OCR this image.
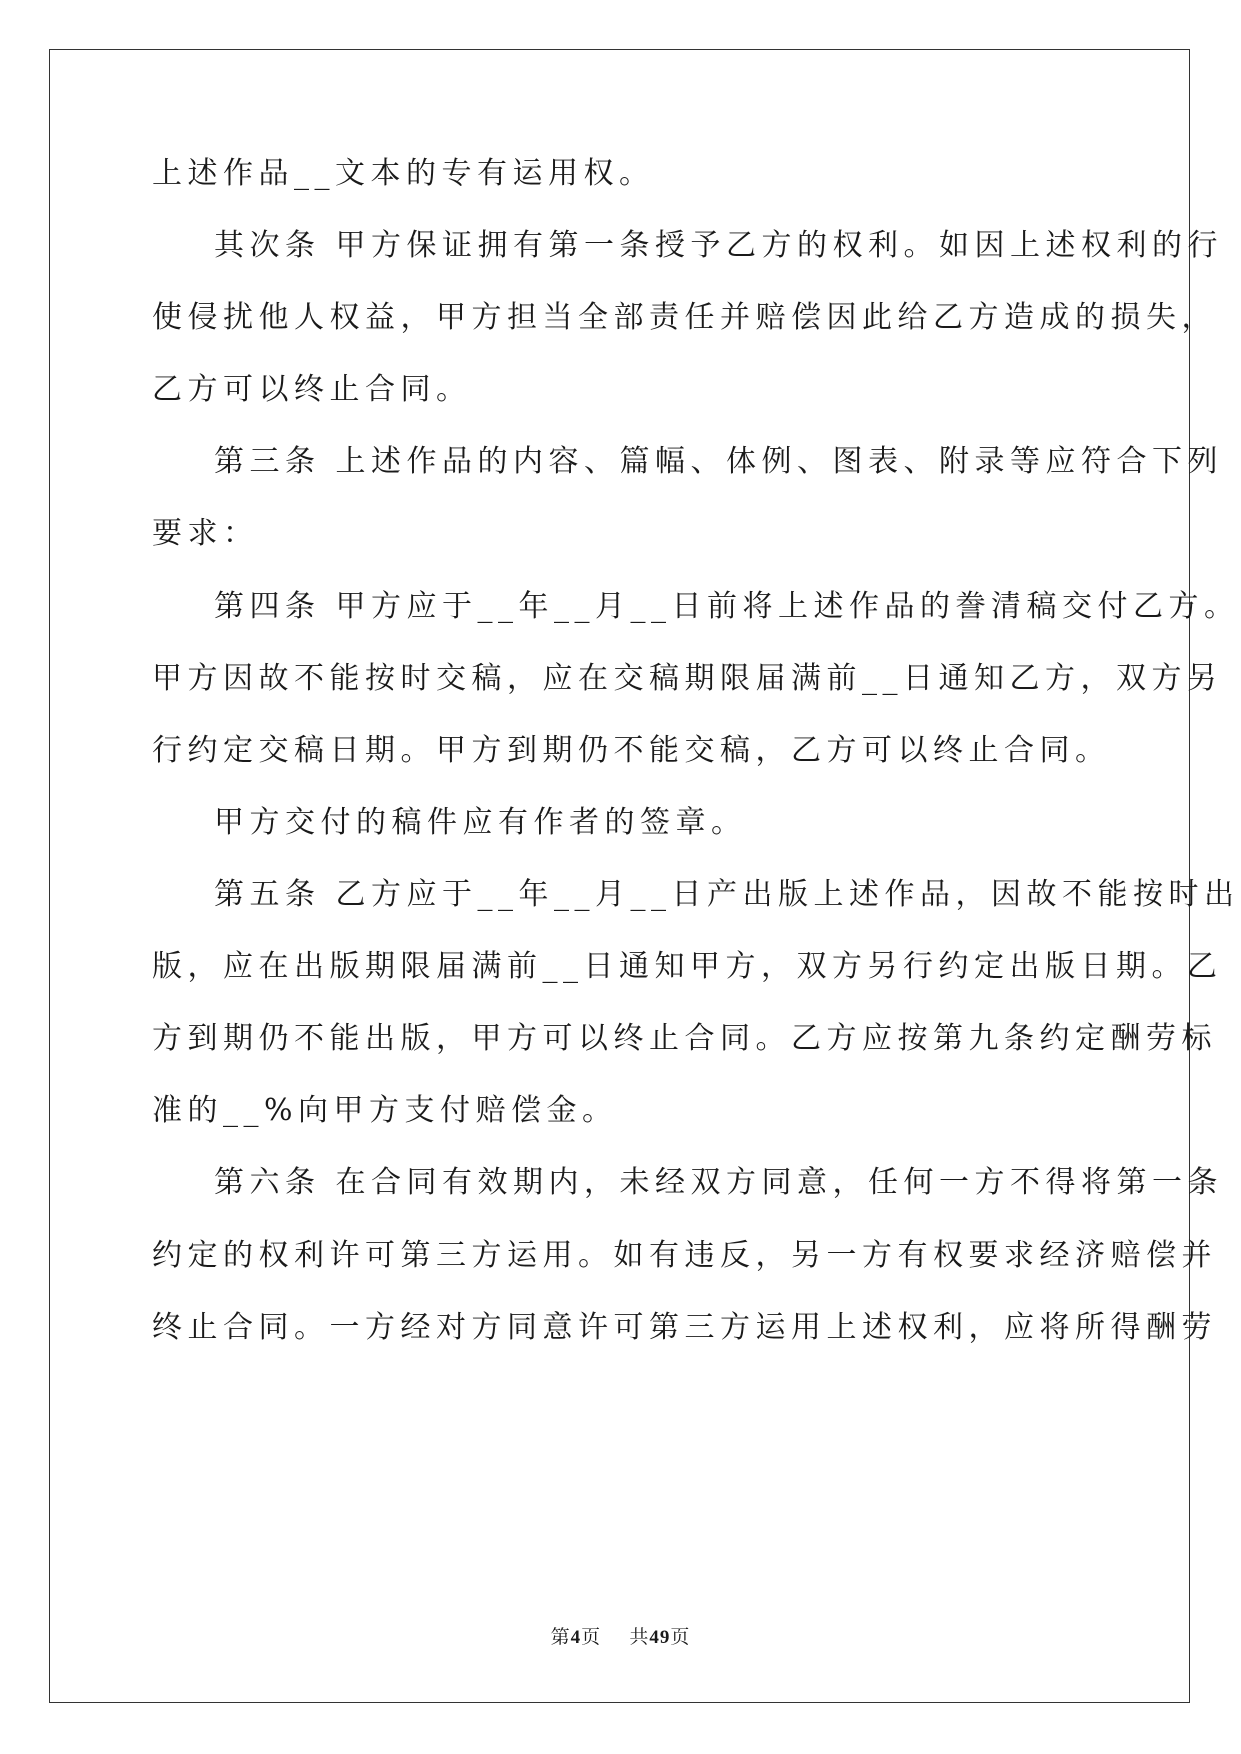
上述作品__文本的专有运用权。
其次条 甲方保证拥有第一条授予乙方的权利。如因上述权利的行
使侵扰他人权益，甲方担当全部责任并赔偿因此给乙方造成的损失，
乙方可以终止合同。
第三条 上述作品的内容、篇幅、体例、图表、附录等应符合下列
要求：
第四条 甲方应于__年__月__日前将上述作品的誊清稿交付乙方。
甲方因故不能按时交稿，应在交稿期限届满前__日通知乙方，双方另
行约定交稿日期。甲方到期仍不能交稿，乙方可以终止合同。
甲方交付的稿件应有作者的签章。
第五条 乙方应于__年__月__日产出版上述作品，因故不能按时出
版，应在出版期限届满前__日通知甲方，双方另行约定出版日期。乙
方到期仍不能出版，甲方可以终止合同。乙方应按第九条约定酬劳标
准的__%向甲方支付赔偿金。
第六条 在合同有效期内，未经双方同意，任何一方不得将第一条
约定的权利许可第三方运用。如有违反，另一方有权要求经济赔偿并
终止合同。一方经对方同意许可第三方运用上述权利，应将所得酬劳
第4页 共49页
